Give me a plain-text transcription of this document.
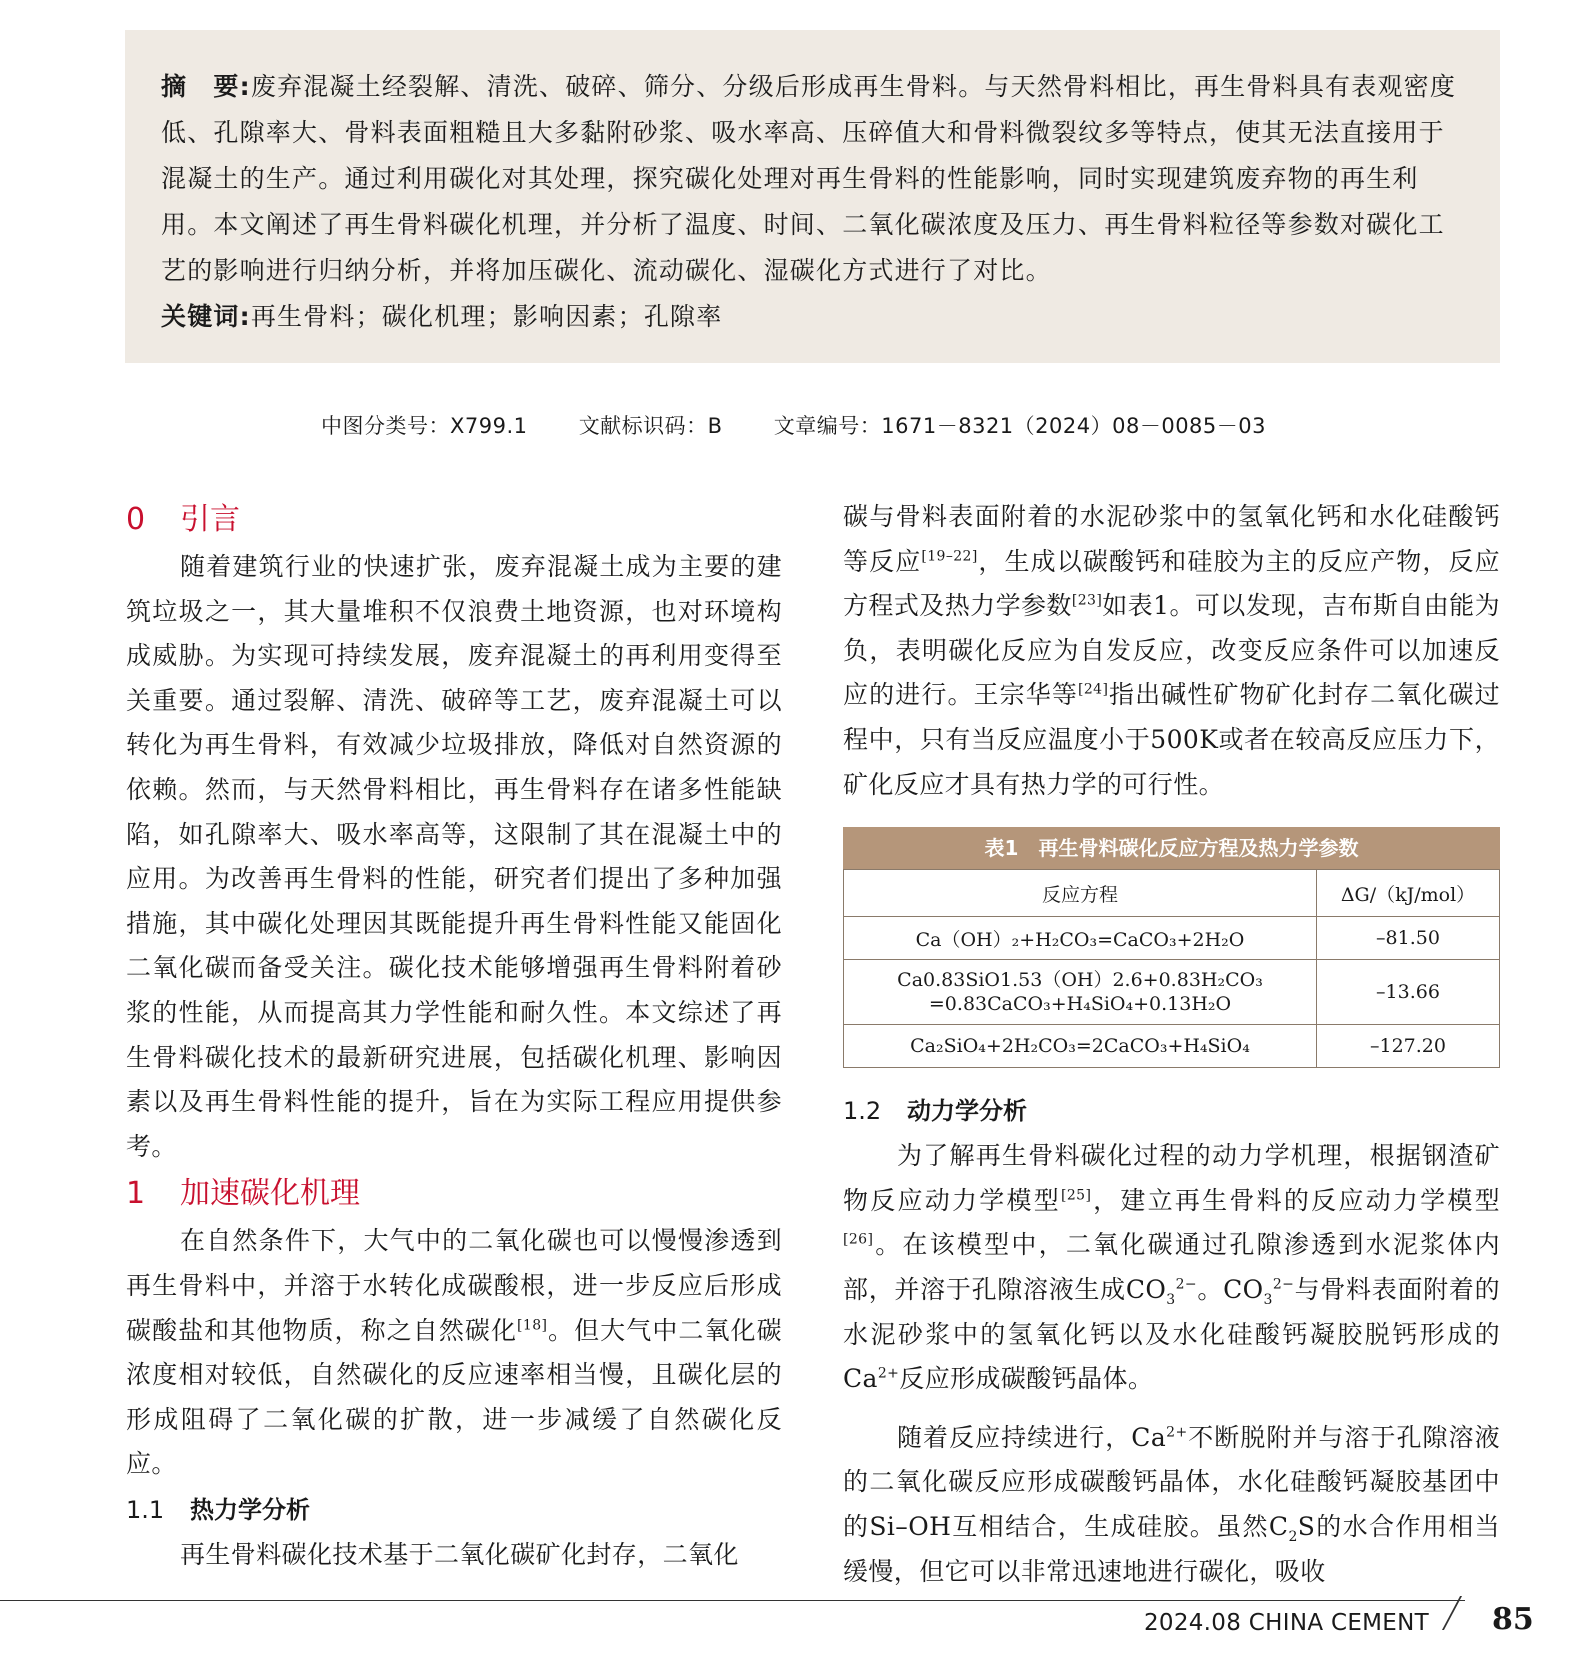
摘　要:废弃混凝土经裂解、清洗、破碎、筛分、分级后形成再生骨料。与天然骨料相比，再生骨料具有表观密度低、孔隙率大、骨料表面粗糙且大多黏附砂浆、吸水率高、压碎值大和骨料微裂纹多等特点，使其无法直接用于混凝土的生产。通过利用碳化对其处理，探究碳化处理对再生骨料的性能影响，同时实现建筑废弃物的再生利用。本文阐述了再生骨料碳化机理，并分析了温度、时间、二氧化碳浓度及压力、再生骨料粒径等参数对碳化工艺的影响进行归纳分析，并将加压碳化、流动碳化、湿碳化方式进行了对比。

关键词:再生骨料；碳化机理；影响因素；孔隙率

中图分类号：X799.1 文献标识码：B 文章编号：1671－8321（2024）08－0085－03
0 引言

随着建筑行业的快速扩张，废弃混凝土成为主要的建筑垃圾之一，其大量堆积不仅浪费土地资源，也对环境构成威胁。为实现可持续发展，废弃混凝土的再利用变得至关重要。通过裂解、清洗、破碎等工艺，废弃混凝土可以转化为再生骨料，有效减少垃圾排放，降低对自然资源的依赖。然而，与天然骨料相比，再生骨料存在诸多性能缺陷，如孔隙率大、吸水率高等，这限制了其在混凝土中的应用。为改善再生骨料的性能，研究者们提出了多种加强措施，其中碳化处理因其既能提升再生骨料性能又能固化二氧化碳而备受关注。碳化技术能够增强再生骨料附着砂浆的性能，从而提高其力学性能和耐久性。本文综述了再生骨料碳化技术的最新研究进展，包括碳化机理、影响因素以及再生骨料性能的提升，旨在为实际工程应用提供参考。

1 加速碳化机理

在自然条件下，大气中的二氧化碳也可以慢慢渗透到再生骨料中，并溶于水转化成碳酸根，进一步反应后形成碳酸盐和其他物质，称之自然碳化[18]。但大气中二氧化碳浓度相对较低，自然碳化的反应速率相当慢，且碳化层的形成阻碍了二氧化碳的扩散，进一步减缓了自然碳化反应。

1.1 热力学分析

再生骨料碳化技术基于二氧化碳矿化封存，二氧化

碳与骨料表面附着的水泥砂浆中的氢氧化钙和水化硅酸钙等反应[19–22]，生成以碳酸钙和硅胶为主的反应产物，反应方程式及热力学参数[23]如表1。可以发现，吉布斯自由能为负，表明碳化反应为自发反应，改变反应条件可以加速反应的进行。王宗华等[24]指出碱性矿物矿化封存二氧化碳过程中，只有当反应温度小于500K或者在较高反应压力下，矿化反应才具有热力学的可行性。

表1　再生骨料碳化反应方程及热力学参数
反应方程	ΔG/（kJ/mol）
Ca（OH）₂+H₂CO₃=CaCO₃+2H₂O	–81.50

Ca0.83SiO1.53（OH）2.6+0.83H₂CO₃
=0.83CaCO₃+H₄SiO₄+0.13H₂O	–13.66
Ca₂SiO₄+2H₂CO₃=2CaCO₃+H₄SiO₄	–127.20
1.2 动力学分析

为了解再生骨料碳化过程的动力学机理，根据钢渣矿物反应动力学模型[25]，建立再生骨料的反应动力学模型[26]。在该模型中，二氧化碳通过孔隙渗透到水泥浆体内部，并溶于孔隙溶液生成$CO_3^{2-}$。$CO_3^{2-}$与骨料表面附着的水泥砂浆中的氢氧化钙以及水化硅酸钙凝胶脱钙形成的$Ca^{2+}$反应形成碳酸钙晶体。

随着反应持续进行，$Ca^{2+}$不断脱附并与溶于孔隙溶液的二氧化碳反应形成碳酸钙晶体，水化硅酸钙凝胶基团中的Si–OH互相结合，生成硅胶。虽然$C_2S$的水合作用相当缓慢，但它可以非常迅速地进行碳化，吸收

2024.08 CHINA CEMENT 85
